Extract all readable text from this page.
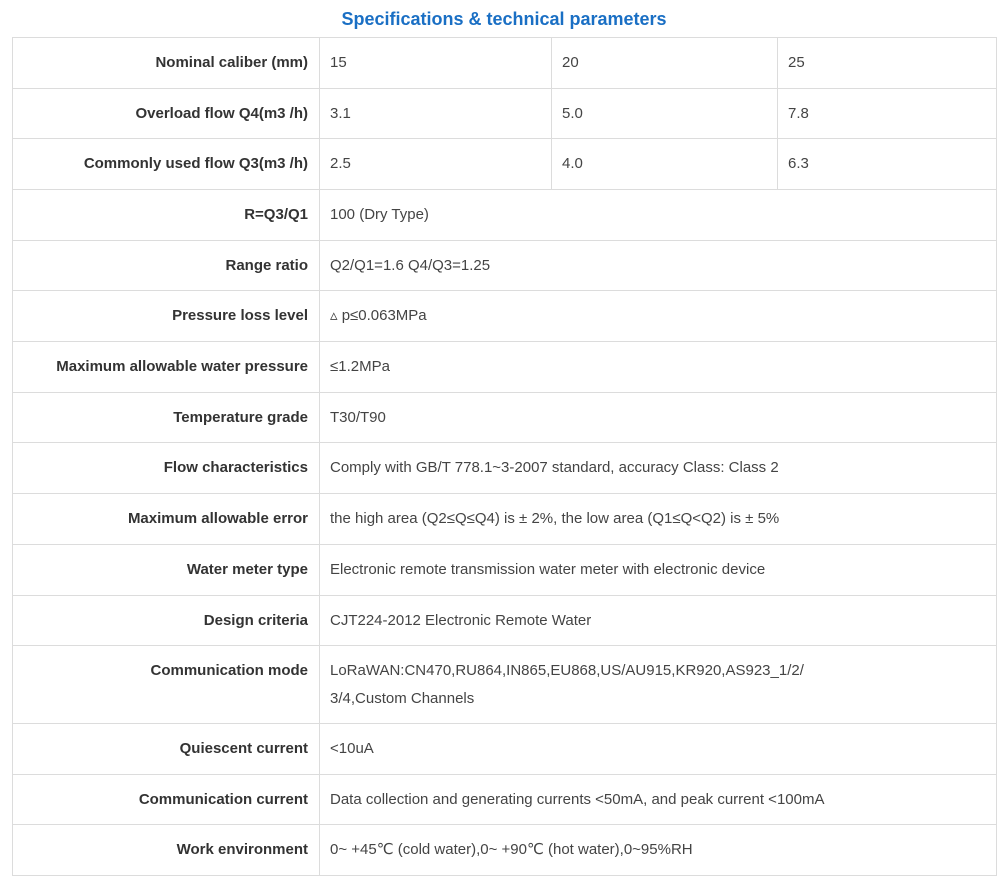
Specifications & technical parameters
Nominal caliber (mm)	15	20	25
Overload flow Q4(m3 /h)	3.1	5.0	7.8
Commonly used flow Q3(m3 /h)	2.5	4.0	6.3
R=Q3/Q1	100 (Dry Type)		
Range ratio	Q2/Q1=1.6 Q4/Q3=1.25		
Pressure loss level	▵ p≤0.063MPa		
Maximum allowable water pressure	≤1.2MPa		
Temperature grade	T30/T90		
Flow characteristics	Comply with GB/T 778.1~3-2007 standard, accuracy Class: Class 2		
Maximum allowable error	the high area (Q2≤Q≤Q4) is ± 2%, the low area (Q1≤Q<Q2) is ± 5%		
Water meter type	Electronic remote transmission water meter with electronic device		
Design criteria	CJT224-2012 Electronic Remote Water		
Communication mode	LoRaWAN:CN470,RU864,IN865,EU868,US/AU915,KR920,AS923_1/2/
3/4,Custom Channels		

Quiescent current	<10uA		
Communication current	Data collection and generating currents <50mA, and peak current <100mA		
Work environment	0~ +45℃ (cold water),0~ +90℃ (hot water),0~95%RH		
